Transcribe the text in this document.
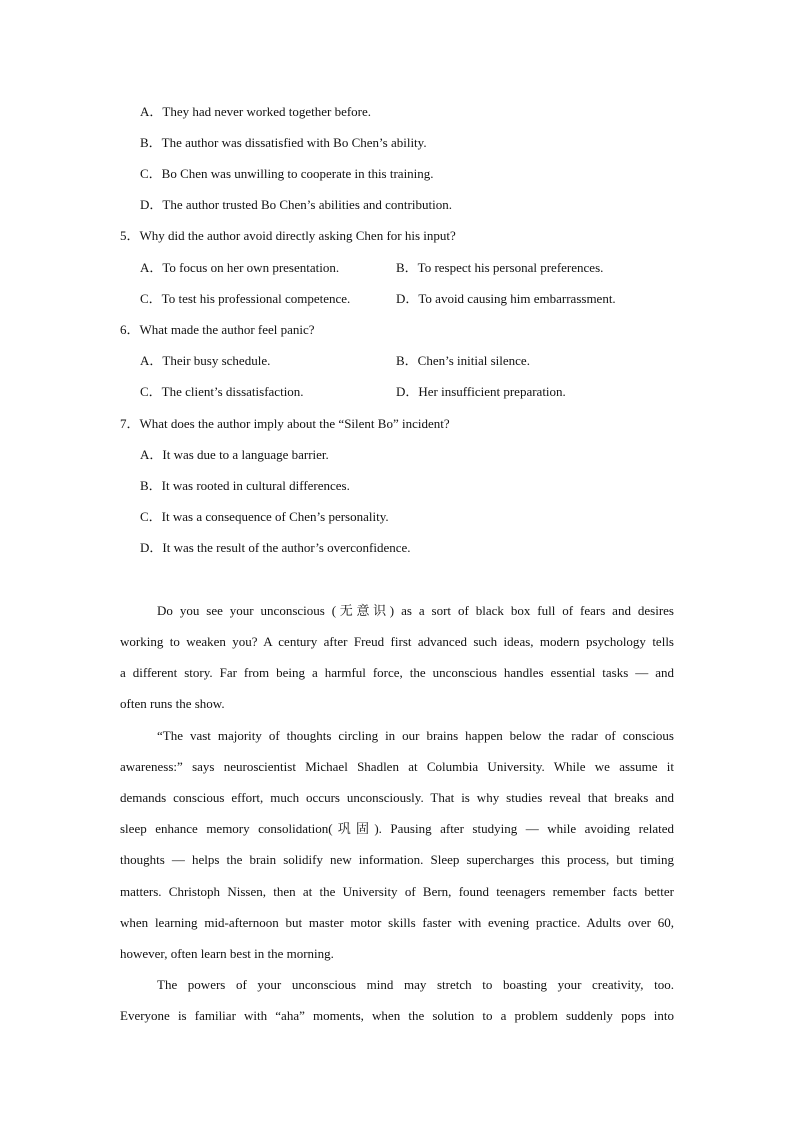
A．They had never worked together before.
B．The author was dissatisfied with Bo Chen’s ability.
C．Bo Chen was unwilling to cooperate in this training.
D．The author trusted Bo Chen’s abilities and contribution.
5．Why did the author avoid directly asking Chen for his input?
A．To focus on her own presentation.	B．To respect his personal preferences.
C．To test his professional competence.	D．To avoid causing him embarrassment.
6．What made the author feel panic?
A．Their busy schedule.	B．Chen’s initial silence.
C．The client’s dissatisfaction.	D．Her insufficient preparation.
7．What does the author imply about the “Silent Bo” incident?
A．It was due to a language barrier.
B．It was rooted in cultural differences.
C．It was a consequence of Chen’s personality.
D．It was the result of the author’s overconfidence.
Do you see your unconscious (无意识) as a sort of black box full of fears and desires
working to weaken you? A century after Freud first advanced such ideas, modern psychology tells
a different story. Far from being a harmful force, the unconscious handles essential tasks — and
often runs the show.
“The vast majority of thoughts circling in our brains happen below the radar of conscious
awareness:” says neuroscientist Michael Shadlen at Columbia University. While we assume it
demands conscious effort, much occurs unconsciously. That is why studies reveal that breaks and
sleep enhance memory consolidation(巩固). Pausing after studying — while avoiding related
thoughts — helps the brain solidify new information. Sleep supercharges this process, but timing
matters. Christoph Nissen, then at the University of Bern, found teenagers remember facts better
when learning mid-afternoon but master motor skills faster with evening practice. Adults over 60,
however, often learn best in the morning.
The powers of your unconscious mind may stretch to boasting your creativity, too.
Everyone is familiar with “aha” moments, when the solution to a problem suddenly pops into
